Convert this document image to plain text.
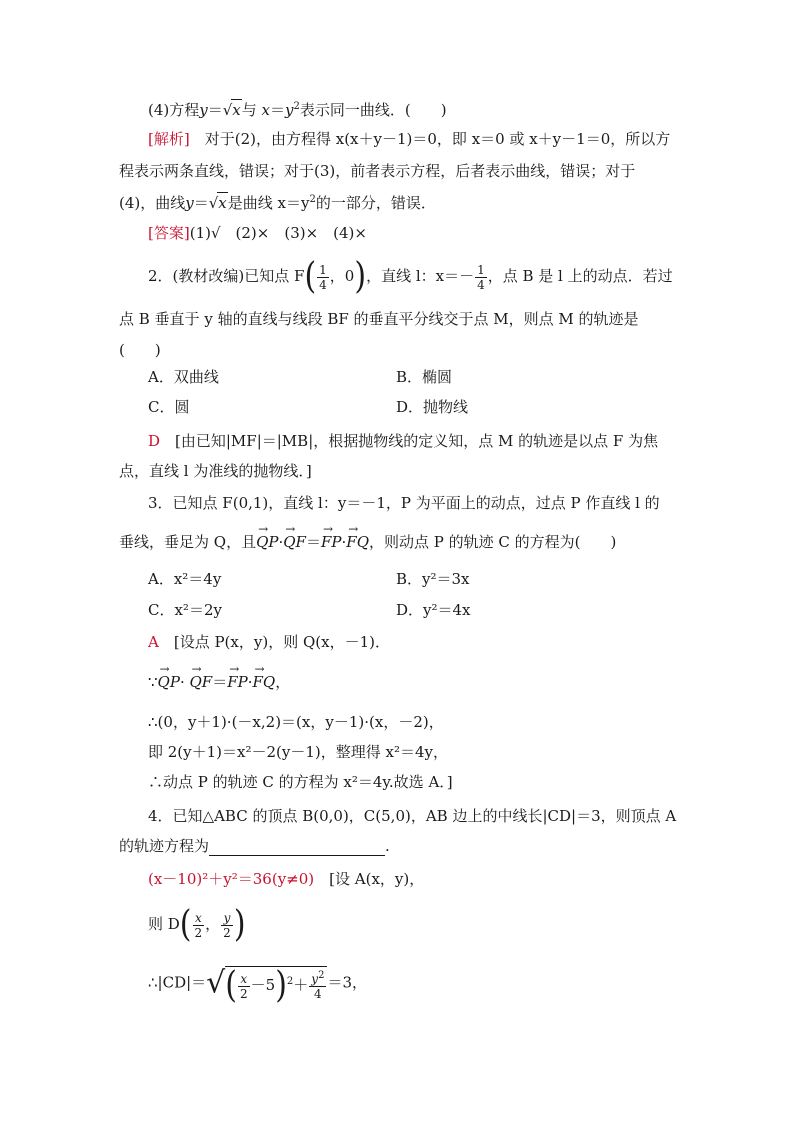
(4)方程y＝√x与 $x=y^2$表示同一曲线．(　　)
[解析]　对于(2)，由方程得 x(x＋y－1)＝0，即 x＝0 或 x＋y－1＝0，所以方
程表示两条直线，错误；对于(3)，前者表示方程，后者表示曲线，错误；对于
(4)，曲线y＝√x是曲线 $x=y^2$的一部分，错误．
[答案](1)√　(2)×　(3)×　(4)×
2．(教材改编)已知点 $F( \frac{1}{4}$ ，0)，直线 l：$x=- \frac{1}{4}$ ，点 B 是 l 上的动点．若过
点 B 垂直于 y 轴的直线与线段 BF 的垂直平分线交于点 M，则点 M 的轨迹是
(　　)
A．双曲线	B．椭圆
C．圆	D．抛物线
D　[由已知|MF|＝|MB|，根据抛物线的定义知，点 M 的轨迹是以点 F 为焦
点，直线 l 为准线的抛物线．]
3．已知点 F(0,1)，直线 l：y＝－1，P 为平面上的动点，过点 P 作直线 l 的
垂线，垂足为 Q，且→ QP·→ QF＝→ FP·→ FQ，则动点 P 的轨迹 C 的方程为(　　)
A．x²＝4y	B．y²＝3x
C．x²＝2y	D．y²＝4x
A　[设点 P(x，y)，则 Q(x，－1)．
∵→ QP· → QF＝→ FP·→ FQ，
∴(0，y＋1)·(－x,2)＝(x，y－1)·(x，－2)，
即 2(y＋1)＝x²－2(y－1)，整理得 x²＝4y，
∴动点 P 的轨迹 C 的方程为 x²＝4y.故选 A．]
4．已知△ABC 的顶点 B(0,0)，C(5,0)，AB 边上的中线长|CD|＝3，则顶点 A
的轨迹方程为	.
(x－10)²＋y²＝36(y≠0)　[设 A(x，y)，
则 $D( \frac{x}{2}$ ， $\frac{y}{2}$ )
∴|CD|＝√( $\frac{x}{2} -5)^2+ \frac{y^2}{4} =3$，
